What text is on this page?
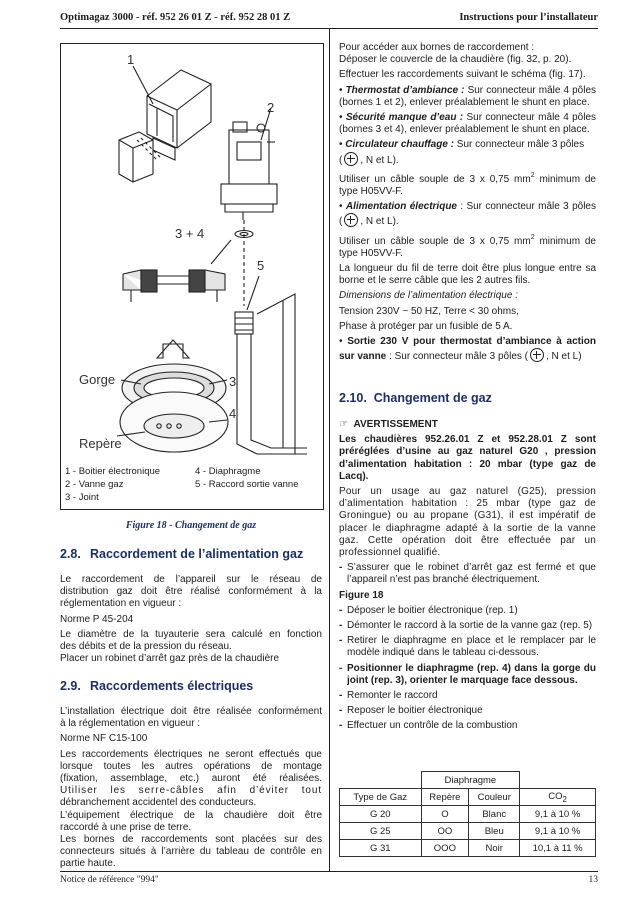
Optimagaz 3000 - réf. 952 26 01 Z - réf. 952 28 01 Z	Instructions pour l’installateur
1
2
3 + 4
5
Gorge	3
4
Repère
1 - Boitier électronique	4 - Diaphragme
2 - Vanne gaz	5 - Raccord sortie vanne
3 - Joint
Figure 18 - Changement de gaz
2.8. Raccordement de l’alimentation gaz
Le raccordement de l’appareil sur le réseau de
distribution gaz doit être réalisé conformément à la
réglementation en vigueur :
Norme P 45-204
Le diamètre de la tuyauterie sera calculé en fonction
des débits et de la pression du réseau.
Placer un robinet d’arrêt gaz près de la chaudière
2.9. Raccordements électriques
L’installation électrique doit être réalisée conformément
à la réglementation en vigueur :
Norme NF C15-100
Les raccordements électriques ne seront effectués que
lorsque toutes les autres opérations de montage
(fixation, assemblage, etc.) auront été réalisées.
Utiliser les serre-câbles afin d’éviter tout
débranchement accidentel des conducteurs.
L’équipement électrique de la chaudière doit être
raccordé à une prise de terre.
Les bornes de raccordements sont placées sur des
connecteurs situés à l’arrière du tableau de contrôle en
partie haute.
Pour accéder aux bornes de raccordement :
Déposer le couvercle de la chaudière (fig. 32, p. 20).
Effectuer les raccordements suivant le schéma (fig. 17).
• Thermostat d’ambiance : Sur connecteur mâle 4 pôles (bornes 1 et 2), enlever préalablement le shunt en place.
• Sécurité manque d’eau : Sur connecteur mâle 4 pôles (bornes 3 et 4), enlever préalablement le shunt en place.
• Circulateur chauffage : Sur connecteur mâle 3 pôles
( , N et L).
Utiliser un câble souple de 3 x 0,75 $mm^2$ minimum de type H05VV-F.
• Alimentation électrique : Sur connecteur mâle 3 pôles ( , N et L).
Utiliser un câble souple de 3 x 0,75 $mm^2$ minimum de type H05VV-F.
La longueur du fil de terre doit être plus longue entre sa borne et le serre câble que les 2 autres fils.
Dimensions de l’alimentation électrique :
Tension 230V ~ 50 HZ, Terre < 30 ohms,
Phase à protéger par un fusible de 5 A.
• Sortie 230 V pour thermostat d’ambiance à action sur vanne : Sur connecteur mâle 3 pôles ( , N et L)
2.10. Changement de gaz
☞ AVERTISSEMENT
Les chaudières 952.26.01 Z et 952.28.01 Z sont préréglées d’usine au gaz naturel G20 , pression d’alimentation habitation : 20 mbar (type gaz de Lacq).
Pour un usage au gaz naturel (G25), pression d’alimentation habitation : 25 mbar (type gaz de Groningue) ou au propane (G31), il est impératif de placer le diaphragme adapté à la sortie de la vanne gaz. Cette opération doit être effectuée par un professionnel qualifié.
- S’assurer que le robinet d’arrêt gaz est fermé et que l’appareil n’est pas branché électriquement.
Figure 18
- Déposer le boitier électronique (rep. 1)
- Démonter le raccord à la sortie de la vanne gaz (rep. 5)
- Retirer le diaphragme en place et le remplacer par le modèle indiqué dans le tableau ci-dessous.
- Positionner le diaphragme (rep. 4) dans la gorge du joint (rep. 3), orienter le marquage face dessous.
- Remonter le raccord
- Reposer le boitier électronique
- Effectuer un contrôle de la combustion
	Diaphragme		
Type de Gaz	Repère	Couleur	$CO_2$
G 20	O	Blanc	9,1 à 10 %
G 25	OO	Bleu	9,1 à 10 %
G 31	OOO	Noir	10,1 à 11 %
Notice de référence "994"	13
